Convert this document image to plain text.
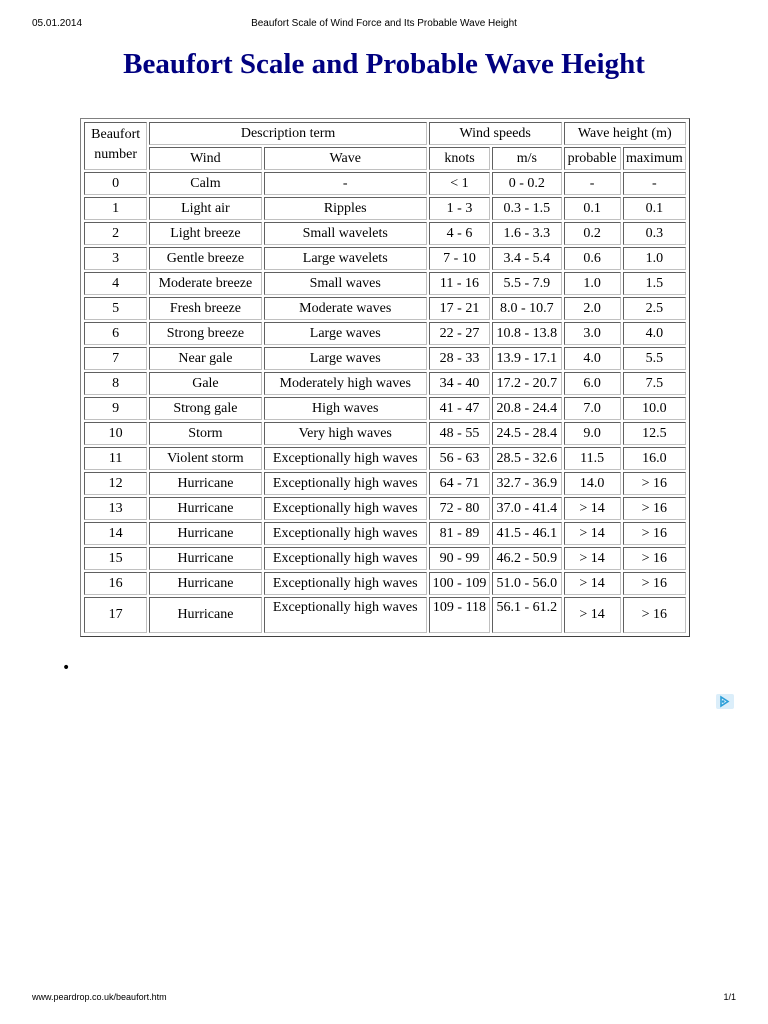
05.01.2014	Beaufort Scale of Wind Force and Its Probable Wave Height
Beaufort Scale and Probable Wave Height
Beaufort number	Description term		Wind speeds		Wave height (m)	
	Wind	Wave	knots	m/s	probable	maximum
0	Calm	-	< 1	0 - 0.2	-	-
1	Light air	Ripples	1 - 3	0.3 - 1.5	0.1	0.1
2	Light breeze	Small wavelets	4 - 6	1.6 - 3.3	0.2	0.3
3	Gentle breeze	Large wavelets	7 - 10	3.4 - 5.4	0.6	1.0
4	Moderate breeze	Small waves	11 - 16	5.5 - 7.9	1.0	1.5
5	Fresh breeze	Moderate waves	17 - 21	8.0 - 10.7	2.0	2.5
6	Strong breeze	Large waves	22 - 27	10.8 - 13.8	3.0	4.0
7	Near gale	Large waves	28 - 33	13.9 - 17.1	4.0	5.5
8	Gale	Moderately high waves	34 - 40	17.2 - 20.7	6.0	7.5
9	Strong gale	High waves	41 - 47	20.8 - 24.4	7.0	10.0
10	Storm	Very high waves	48 - 55	24.5 - 28.4	9.0	12.5
11	Violent storm	Exceptionally high waves	56 - 63	28.5 - 32.6	11.5	16.0
12	Hurricane	Exceptionally high waves	64 - 71	32.7 - 36.9	14.0	> 16
13	Hurricane	Exceptionally high waves	72 - 80	37.0 - 41.4	> 14	> 16
14	Hurricane	Exceptionally high waves	81 - 89	41.5 - 46.1	> 14	> 16
15	Hurricane	Exceptionally high waves	90 - 99	46.2 - 50.9	> 14	> 16
16	Hurricane	Exceptionally high waves	100 - 109	51.0 - 56.0	> 14	> 16
17	Hurricane	Exceptionally high waves	109 - 118	56.1 - 61.2	> 14	> 16
•
www.peardrop.co.uk/beaufort.htm	1/1
